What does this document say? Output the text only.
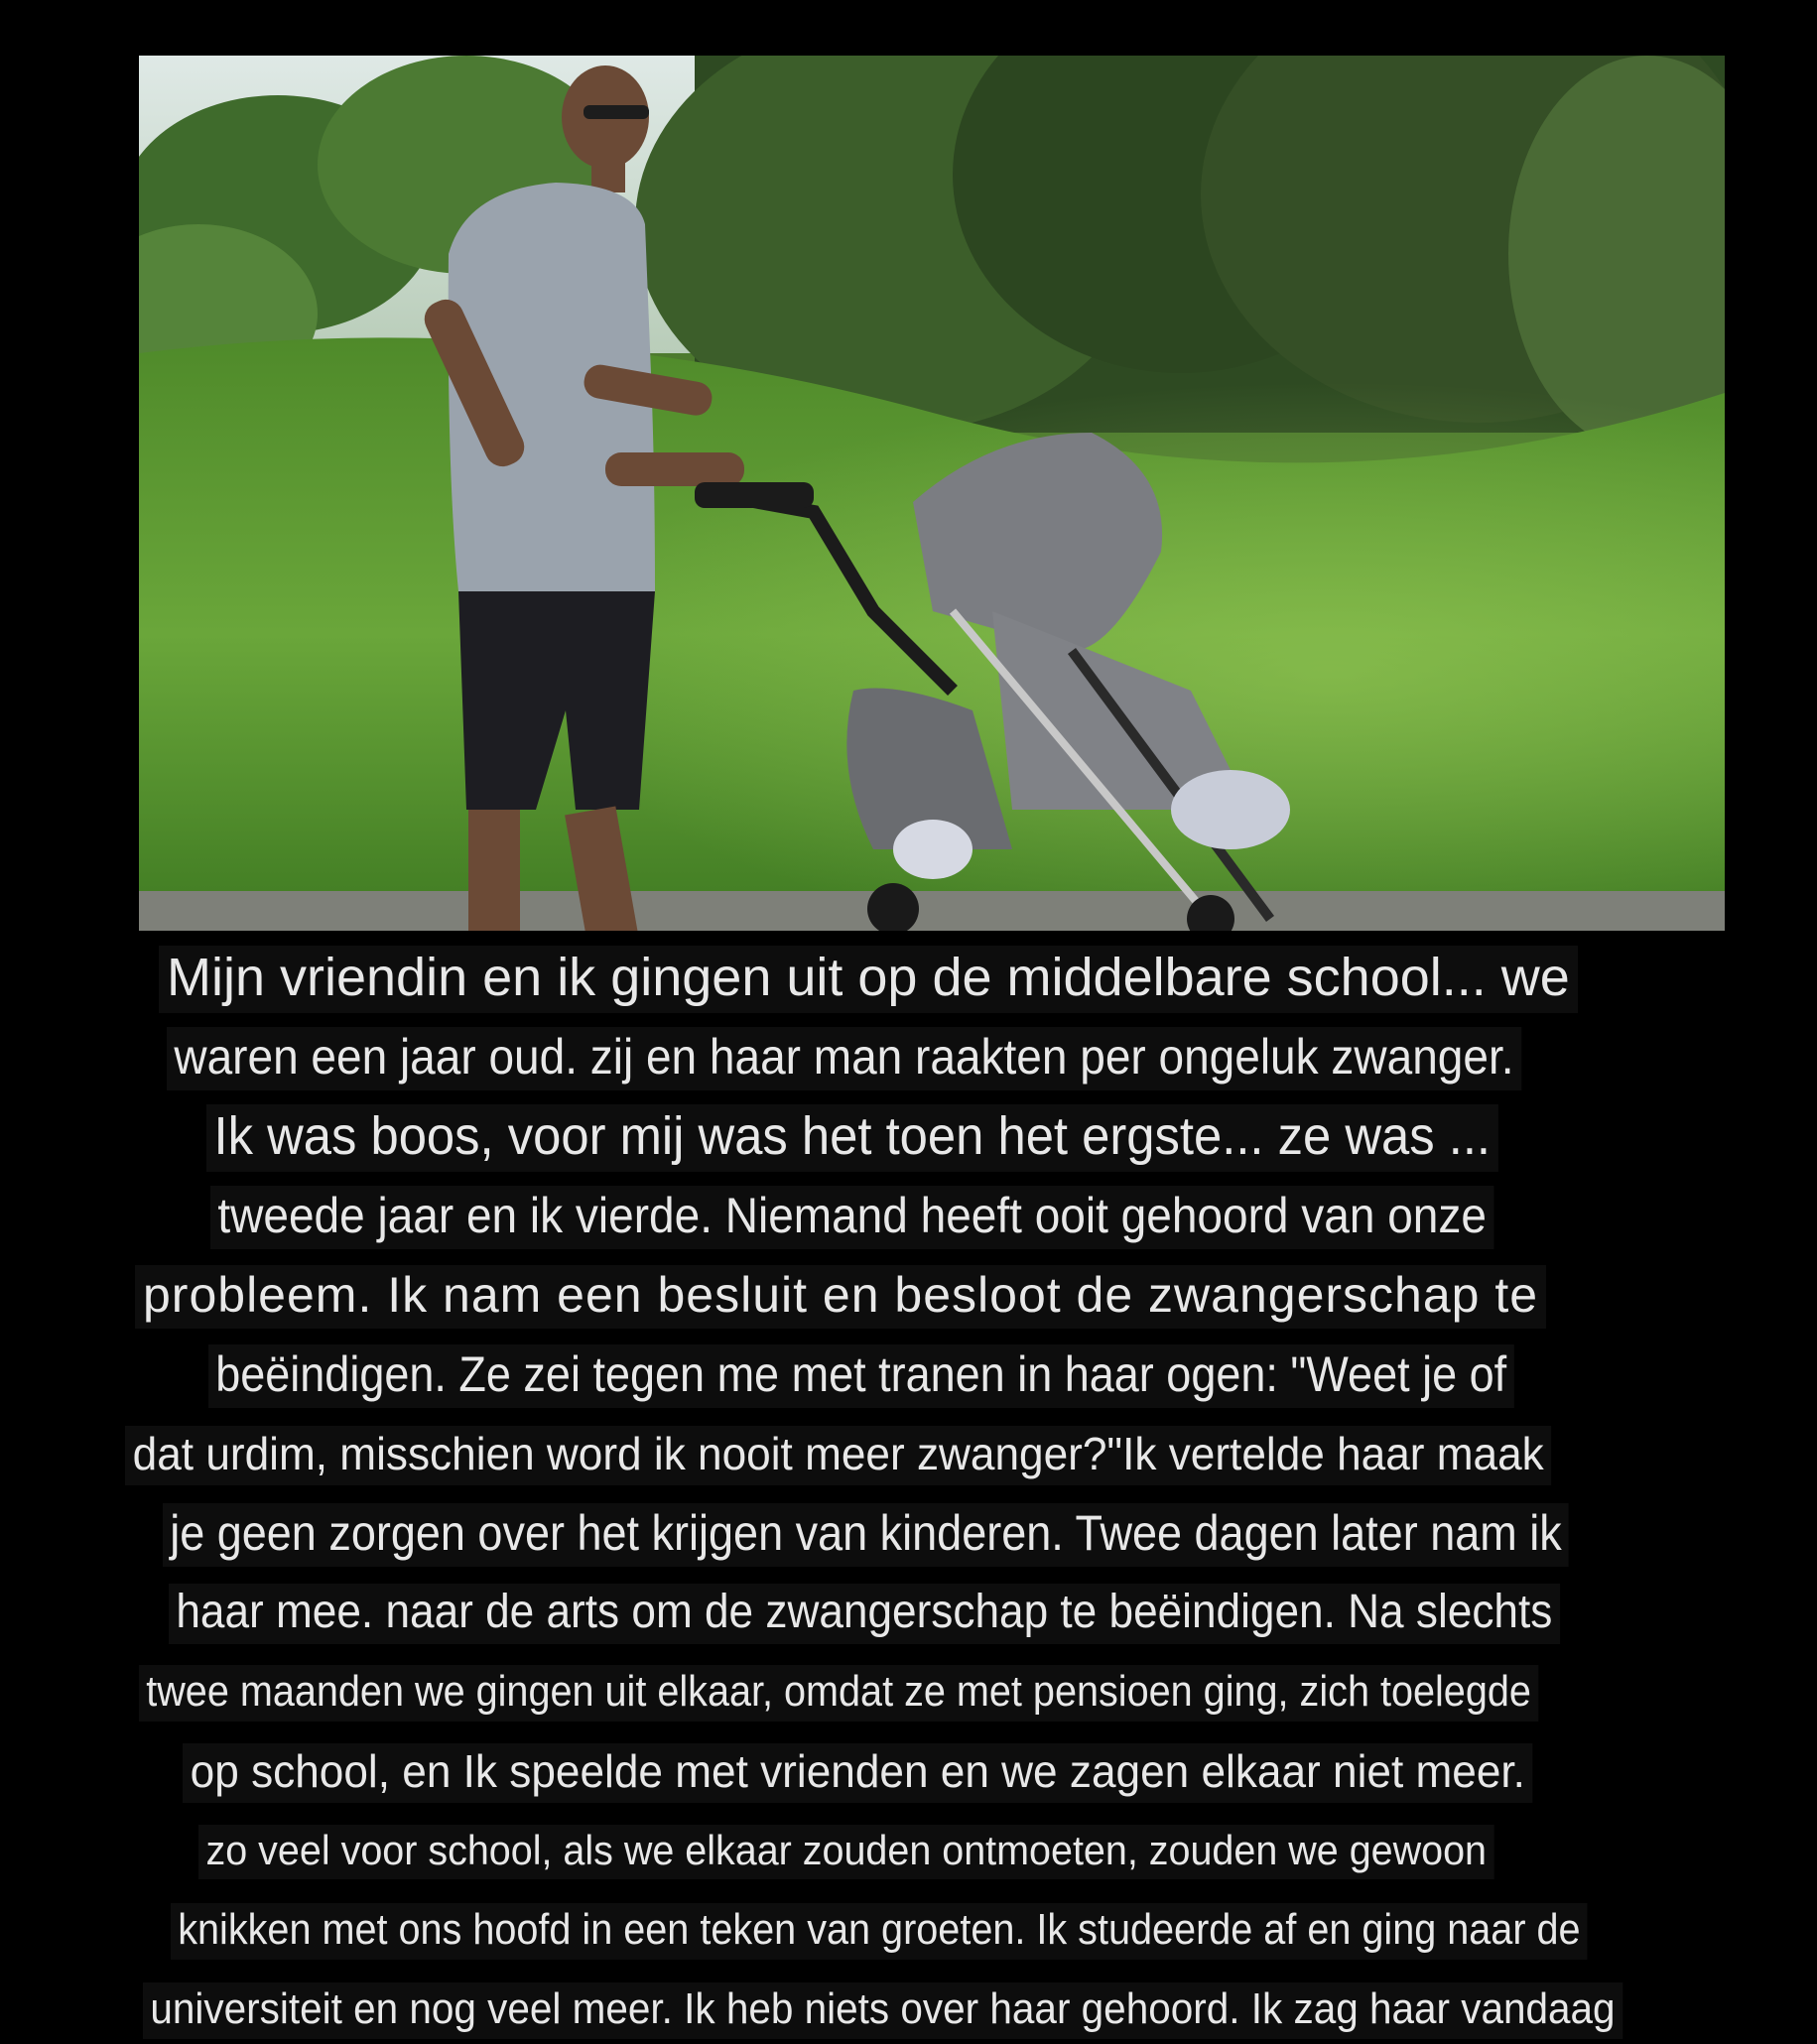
Mijn vriendin en ik gingen uit op de middelbare school... we
waren een jaar oud. zij en haar man raakten per ongeluk zwanger.
Ik was boos, voor mij was het toen het ergste... ze was ...
tweede jaar en ik vierde. Niemand heeft ooit gehoord van onze
probleem. Ik nam een besluit en besloot de zwangerschap te
beëindigen. Ze zei tegen me met tranen in haar ogen: "Weet je of
dat urdim, misschien word ik nooit meer zwanger?"Ik vertelde haar maak
je geen zorgen over het krijgen van kinderen. Twee dagen later nam ik
haar mee. naar de arts om de zwangerschap te beëindigen. Na slechts
twee maanden we gingen uit elkaar, omdat ze met pensioen ging, zich toelegde
op school, en Ik speelde met vrienden en we zagen elkaar niet meer.
zo veel voor school, als we elkaar zouden ontmoeten, zouden we gewoon
knikken met ons hoofd in een teken van groeten. Ik studeerde af en ging naar de
universiteit en nog veel meer. Ik heb niets over haar gehoord. Ik zag haar vandaag
